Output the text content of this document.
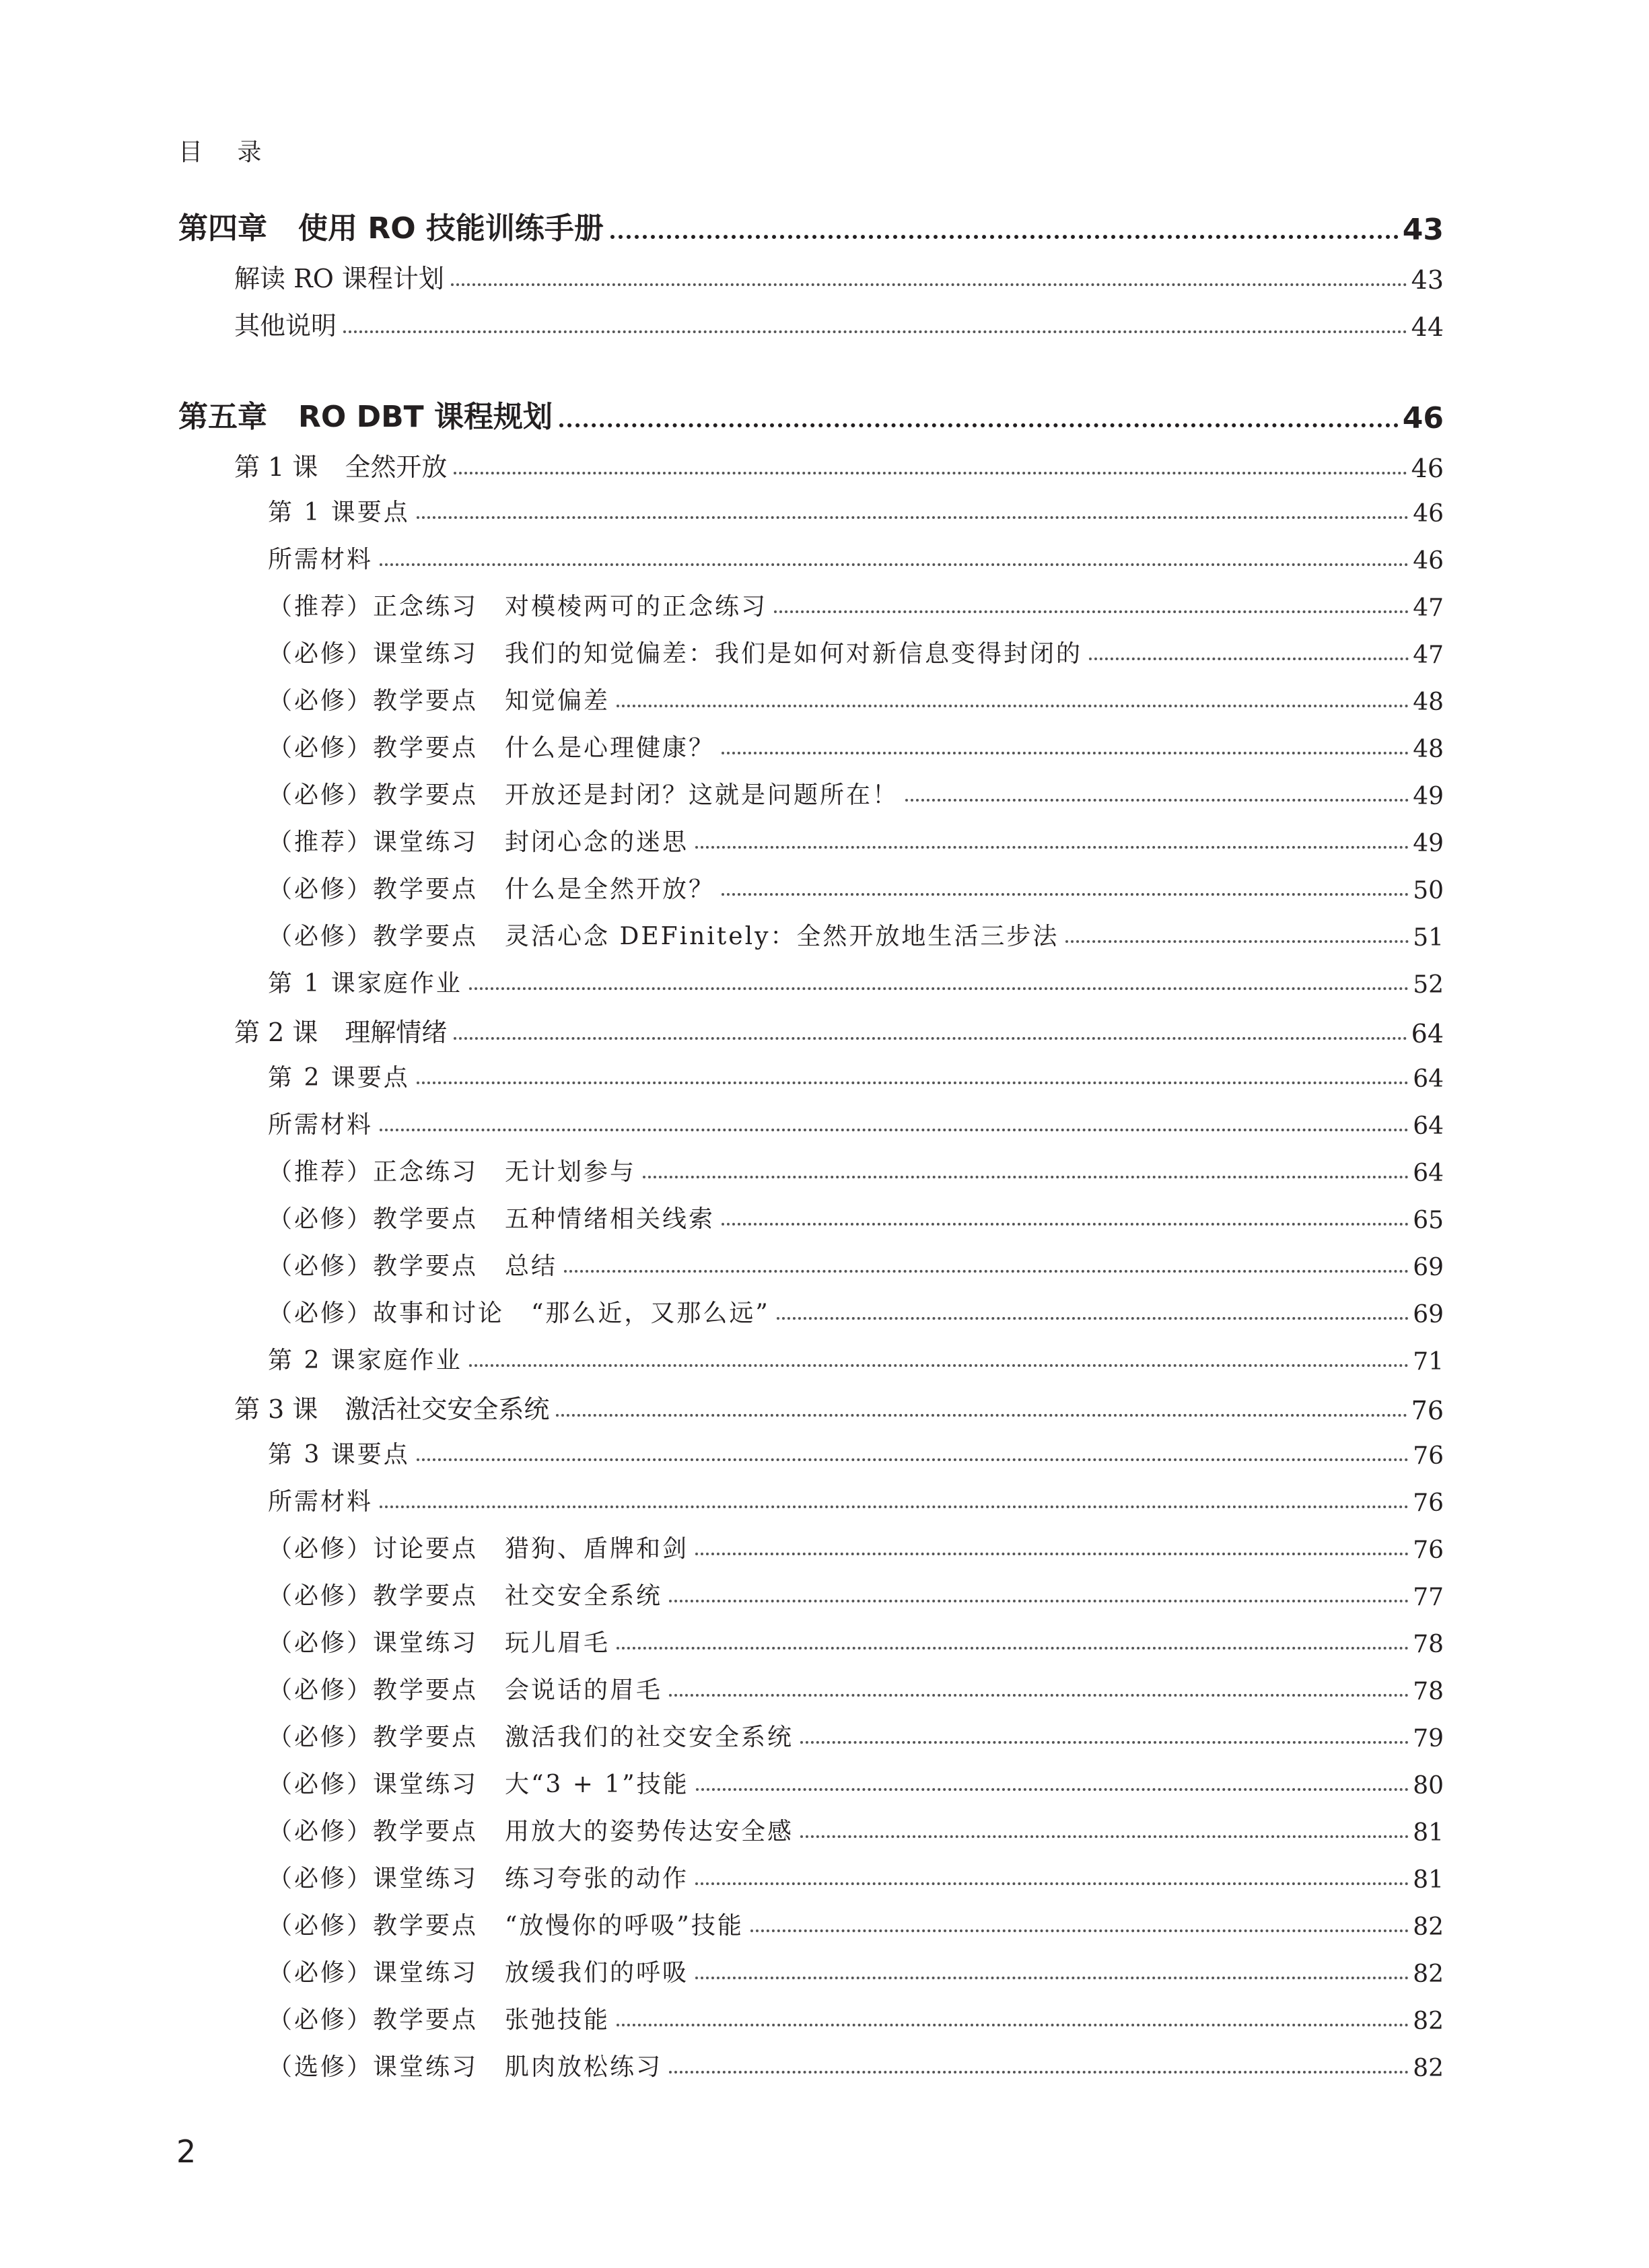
目 录
第四章 使用 RO 技能训练手册	43
解读 RO 课程计划	43
其他说明	44
第五章 RO DBT 课程规划	46
第 1 课 全然开放	46
第 1 课要点	46
所需材料	46
（推荐）正念练习 对模棱两可的正念练习	47
（必修）课堂练习 我们的知觉偏差：我们是如何对新信息变得封闭的	47
（必修）教学要点 知觉偏差	48
（必修）教学要点 什么是心理健康？	48
（必修）教学要点 开放还是封闭？这就是问题所在！	49
（推荐）课堂练习 封闭心念的迷思	49
（必修）教学要点 什么是全然开放？	50
（必修）教学要点 灵活心念 DEFinitely：全然开放地生活三步法	51
第 1 课家庭作业	52
第 2 课 理解情绪	64
第 2 课要点	64
所需材料	64
（推荐）正念练习 无计划参与	64
（必修）教学要点 五种情绪相关线索	65
（必修）教学要点 总结	69
（必修）故事和讨论 “那么近，又那么远”	69
第 2 课家庭作业	71
第 3 课 激活社交安全系统	76
第 3 课要点	76
所需材料	76
（必修）讨论要点 猎狗、盾牌和剑	76
（必修）教学要点 社交安全系统	77
（必修）课堂练习 玩儿眉毛	78
（必修）教学要点 会说话的眉毛	78
（必修）教学要点 激活我们的社交安全系统	79
（必修）课堂练习 大“3 + 1”技能	80
（必修）教学要点 用放大的姿势传达安全感	81
（必修）课堂练习 练习夸张的动作	81
（必修）教学要点 “放慢你的呼吸”技能	82
（必修）课堂练习 放缓我们的呼吸	82
（必修）教学要点 张弛技能	82
（选修）课堂练习 肌肉放松练习	82
2
